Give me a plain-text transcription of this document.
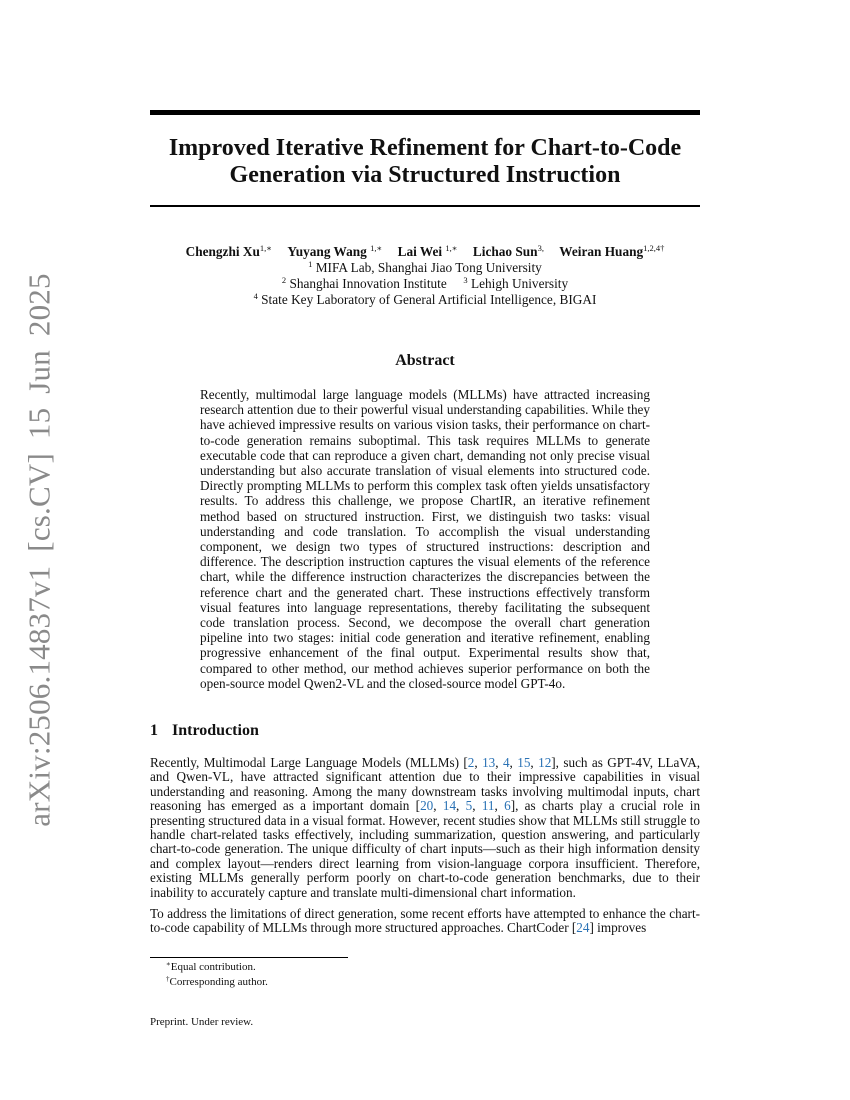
arXiv:2506.14837v1 [cs.CV] 15 Jun 2025
Improved Iterative Refinement for Chart-to-Code Generation via Structured Instruction
Chengzhi $Xu^{1,∗}$ Yuyang Wang $^{1,∗}$ Lai Wei $^{1,∗}$ Lichao Sun$^{3,}$ Weiran Huang$^{1,2,4\dagger}$
$^1$ MIFA Lab, Shanghai Jiao Tong University
$^2$ Shanghai Innovation Institute $^3$ Lehigh University
$^4$ State Key Laboratory of General Artificial Intelligence, BIGAI
Abstract
Recently, multimodal large language models (MLLMs) have attracted increasing research attention due to their powerful visual understanding capabilities. While they have achieved impressive results on various vision tasks, their performance on chart-to-code generation remains suboptimal. This task requires MLLMs to generate executable code that can reproduce a given chart, demanding not only precise visual understanding but also accurate translation of visual elements into structured code. Directly prompting MLLMs to perform this complex task often yields unsatisfactory results. To address this challenge, we propose ChartIR, an iterative refinement method based on structured instruction. First, we distinguish two tasks: visual understanding and code translation. To accomplish the visual understanding component, we design two types of structured instructions: description and difference. The description instruction captures the visual elements of the reference chart, while the difference instruction characterizes the discrepancies between the reference chart and the generated chart. These instructions effectively transform visual features into language representations, thereby facilitating the subsequent code translation process. Second, we decompose the overall chart generation pipeline into two stages: initial code generation and iterative refinement, enabling progressive enhancement of the final output. Experimental results show that, compared to other method, our method achieves superior performance on both the open-source model Qwen2-VL and the closed-source model GPT-4o.
1 Introduction

Recently, Multimodal Large Language Models (MLLMs) [2, 13, 4, 15, 12], such as GPT-4V, LLaVA, and Qwen-VL, have attracted significant attention due to their impressive capabilities in visual understanding and reasoning. Among the many downstream tasks involving multimodal inputs, chart reasoning has emerged as a important domain [20, 14, 5, 11, 6], as charts play a crucial role in presenting structured data in a visual format. However, recent studies show that MLLMs still struggle to handle chart-related tasks effectively, including summarization, question answering, and particularly chart-to-code generation. The unique difficulty of chart inputs—such as their high information density and complex layout—renders direct learning from vision-language corpora insufficient. Therefore, existing MLLMs generally perform poorly on chart-to-code generation benchmarks, due to their inability to accurately capture and translate multi-dimensional chart information.

To address the limitations of direct generation, some recent efforts have attempted to enhance the chart-to-code capability of MLLMs through more structured approaches. ChartCoder [24] improves

∗Equal contribution.
†Corresponding author.
Preprint. Under review.
